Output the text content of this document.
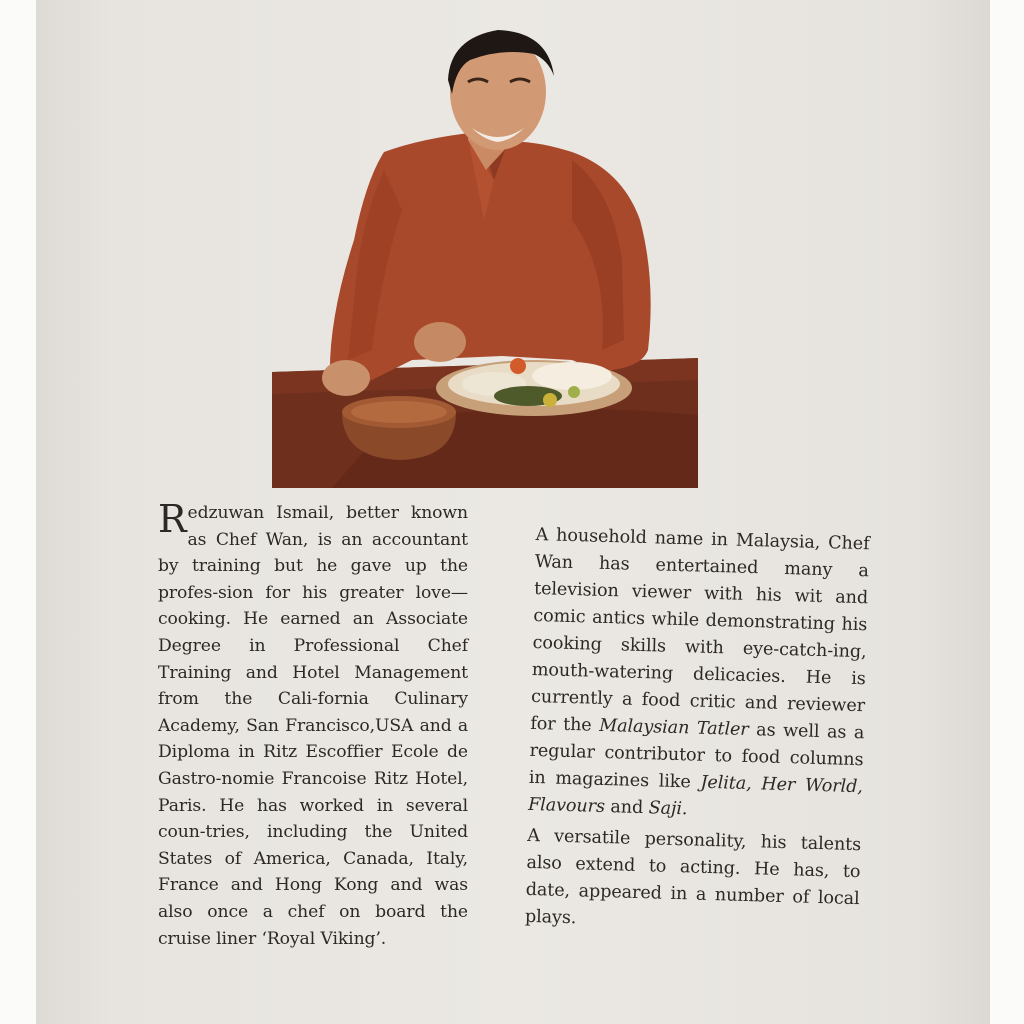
Redzuwan Ismail, better known as Chef Wan, is an accountant by training but he gave up the profes-sion for his greater love—cooking. He earned an Associate Degree in Professional Chef Training and Hotel Management from the Cali-fornia Culinary Academy, San Francisco,USA and a Diploma in Ritz Escoffier Ecole de Gastro-nomie Francoise Ritz Hotel, Paris. He has worked in several coun-tries, including the United States of America, Canada, Italy, France and Hong Kong and was also once a chef on board the cruise liner ‘Royal Viking’.

A household name in Malaysia, Chef Wan has entertained many a television viewer with his wit and comic antics while demonstrating his cooking skills with eye-catch-ing, mouth-watering delicacies. He is currently a food critic and reviewer for the Malaysian Tatler as well as a regular contributor to food columns in magazines like Jelita, Her World, Flavours and Saji.

A versatile personality, his talents also extend to acting. He has, to date, appeared in a number of local plays.
